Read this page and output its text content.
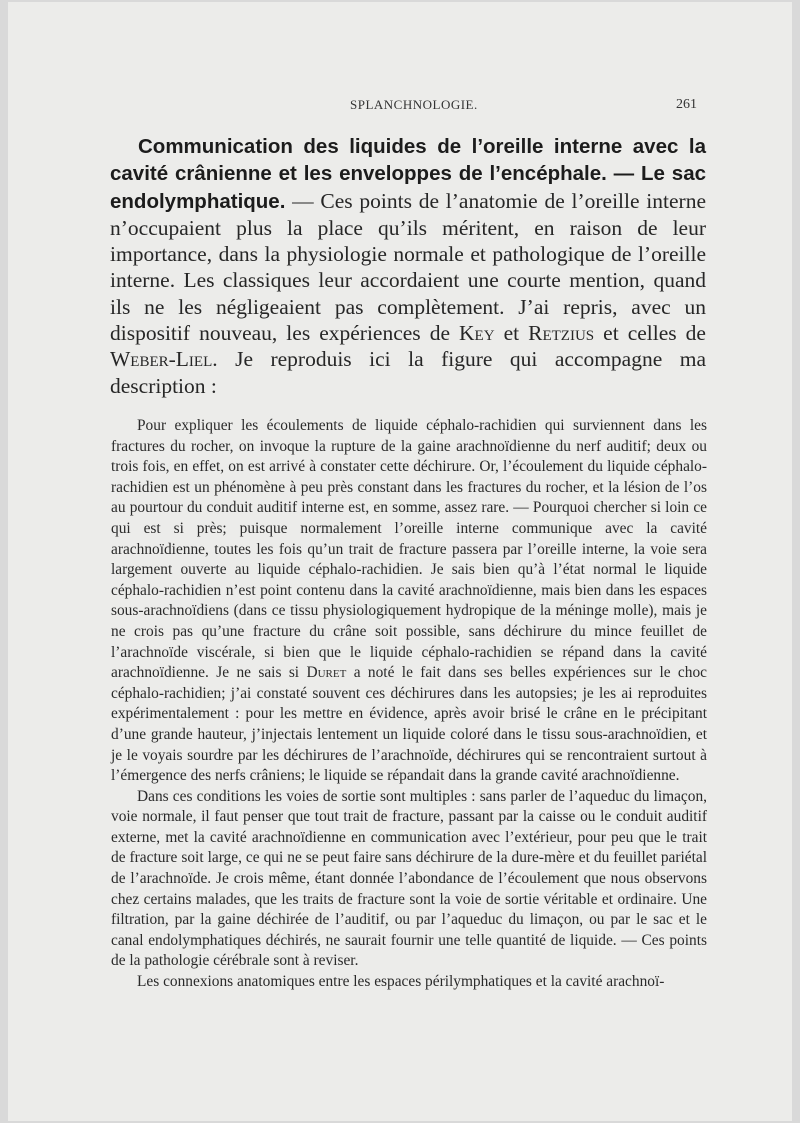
SPLANCHNOLOGIE.	261
Communication des liquides de l’oreille interne avec la cavité crânienne et les enveloppes de l’encéphale. — Le sac endolymphatique. — Ces points de l’anatomie de l’oreille interne n’occupaient plus la place qu’ils méritent, en raison de leur importance, dans la physiologie normale et pathologique de l’oreille interne. Les classiques leur accordaient une courte mention, quand ils ne les négligeaient pas complètement. J’ai repris, avec un dispositif nouveau, les expériences de Key et Retzius et celles de Weber-Liel. Je reproduis ici la figure qui accompagne ma description :

Pour expliquer les écoulements de liquide céphalo-rachidien qui surviennent dans les fractures du rocher, on invoque la rupture de la gaine arachnoïdienne du nerf auditif; deux ou trois fois, en effet, on est arrivé à constater cette déchirure. Or, l’écoulement du liquide céphalo-rachidien est un phénomène à peu près constant dans les fractures du rocher, et la lésion de l’os au pourtour du conduit auditif interne est, en somme, assez rare. — Pourquoi chercher si loin ce qui est si près; puisque normalement l’oreille interne communique avec la cavité arachnoïdienne, toutes les fois qu’un trait de fracture passera par l’oreille interne, la voie sera largement ouverte au liquide céphalo-rachidien. Je sais bien qu’à l’état normal le liquide céphalo-rachidien n’est point contenu dans la cavité arachnoïdienne, mais bien dans les espaces sous-arachnoïdiens (dans ce tissu physiologiquement hydropique de la méninge molle), mais je ne crois pas qu’une fracture du crâne soit possible, sans déchirure du mince feuillet de l’arachnoïde viscérale, si bien que le liquide céphalo-rachidien se répand dans la cavité arachnoïdienne. Je ne sais si Duret a noté le fait dans ses belles expériences sur le choc céphalo-rachidien; j’ai constaté souvent ces déchirures dans les autopsies; je les ai reproduites expérimentalement : pour les mettre en évidence, après avoir brisé le crâne en le précipitant d’une grande hauteur, j’injectais lentement un liquide coloré dans le tissu sous-arachnoïdien, et je le voyais sourdre par les déchirures de l’arachnoïde, déchirures qui se rencontraient surtout à l’émergence des nerfs crâniens; le liquide se répandait dans la grande cavité arachnoïdienne.

Dans ces conditions les voies de sortie sont multiples : sans parler de l’aqueduc du limaçon, voie normale, il faut penser que tout trait de fracture, passant par la caisse ou le conduit auditif externe, met la cavité arachnoïdienne en communication avec l’extérieur, pour peu que le trait de fracture soit large, ce qui ne se peut faire sans déchirure de la dure-mère et du feuillet pariétal de l’arachnoïde. Je crois même, étant donnée l’abondance de l’écoulement que nous observons chez certains malades, que les traits de fracture sont la voie de sortie véritable et ordinaire. Une filtration, par la gaine déchirée de l’auditif, ou par l’aqueduc du limaçon, ou par le sac et le canal endolymphatiques déchirés, ne saurait fournir une telle quantité de liquide. — Ces points de la pathologie cérébrale sont à reviser.

Les connexions anatomiques entre les espaces périlymphatiques et la cavité arachnoï-
